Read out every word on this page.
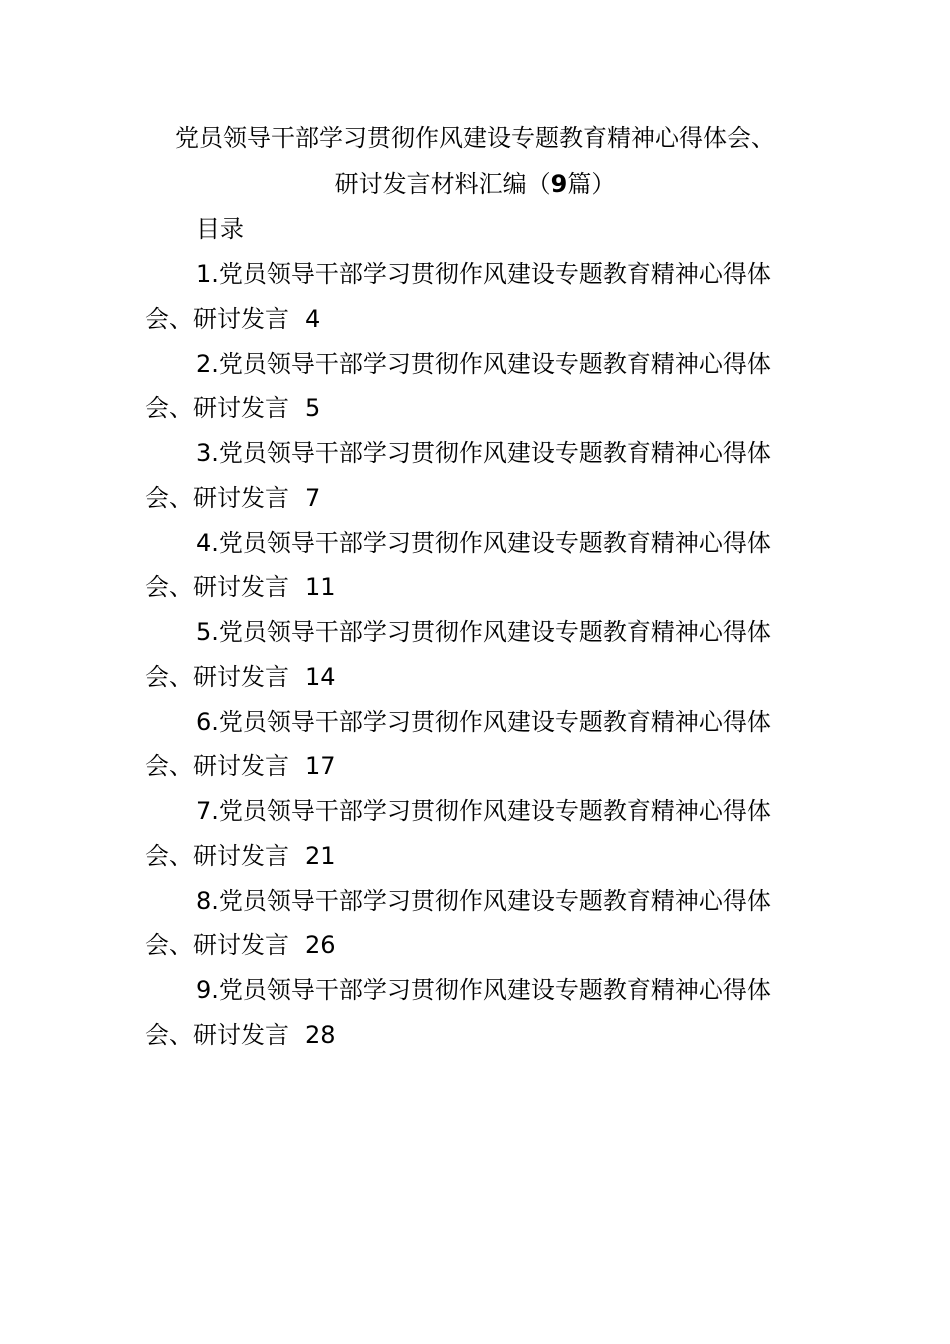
党员领导干部学习贯彻作风建设专题教育精神心得体会、
研讨发言材料汇编（9篇）
目录
1.党员领导干部学习贯彻作风建设专题教育精神心得体
会、研讨发言 4
2.党员领导干部学习贯彻作风建设专题教育精神心得体
会、研讨发言 5
3.党员领导干部学习贯彻作风建设专题教育精神心得体
会、研讨发言 7
4.党员领导干部学习贯彻作风建设专题教育精神心得体
会、研讨发言 11
5.党员领导干部学习贯彻作风建设专题教育精神心得体
会、研讨发言 14
6.党员领导干部学习贯彻作风建设专题教育精神心得体
会、研讨发言 17
7.党员领导干部学习贯彻作风建设专题教育精神心得体
会、研讨发言 21
8.党员领导干部学习贯彻作风建设专题教育精神心得体
会、研讨发言 26
9.党员领导干部学习贯彻作风建设专题教育精神心得体
会、研讨发言 28
